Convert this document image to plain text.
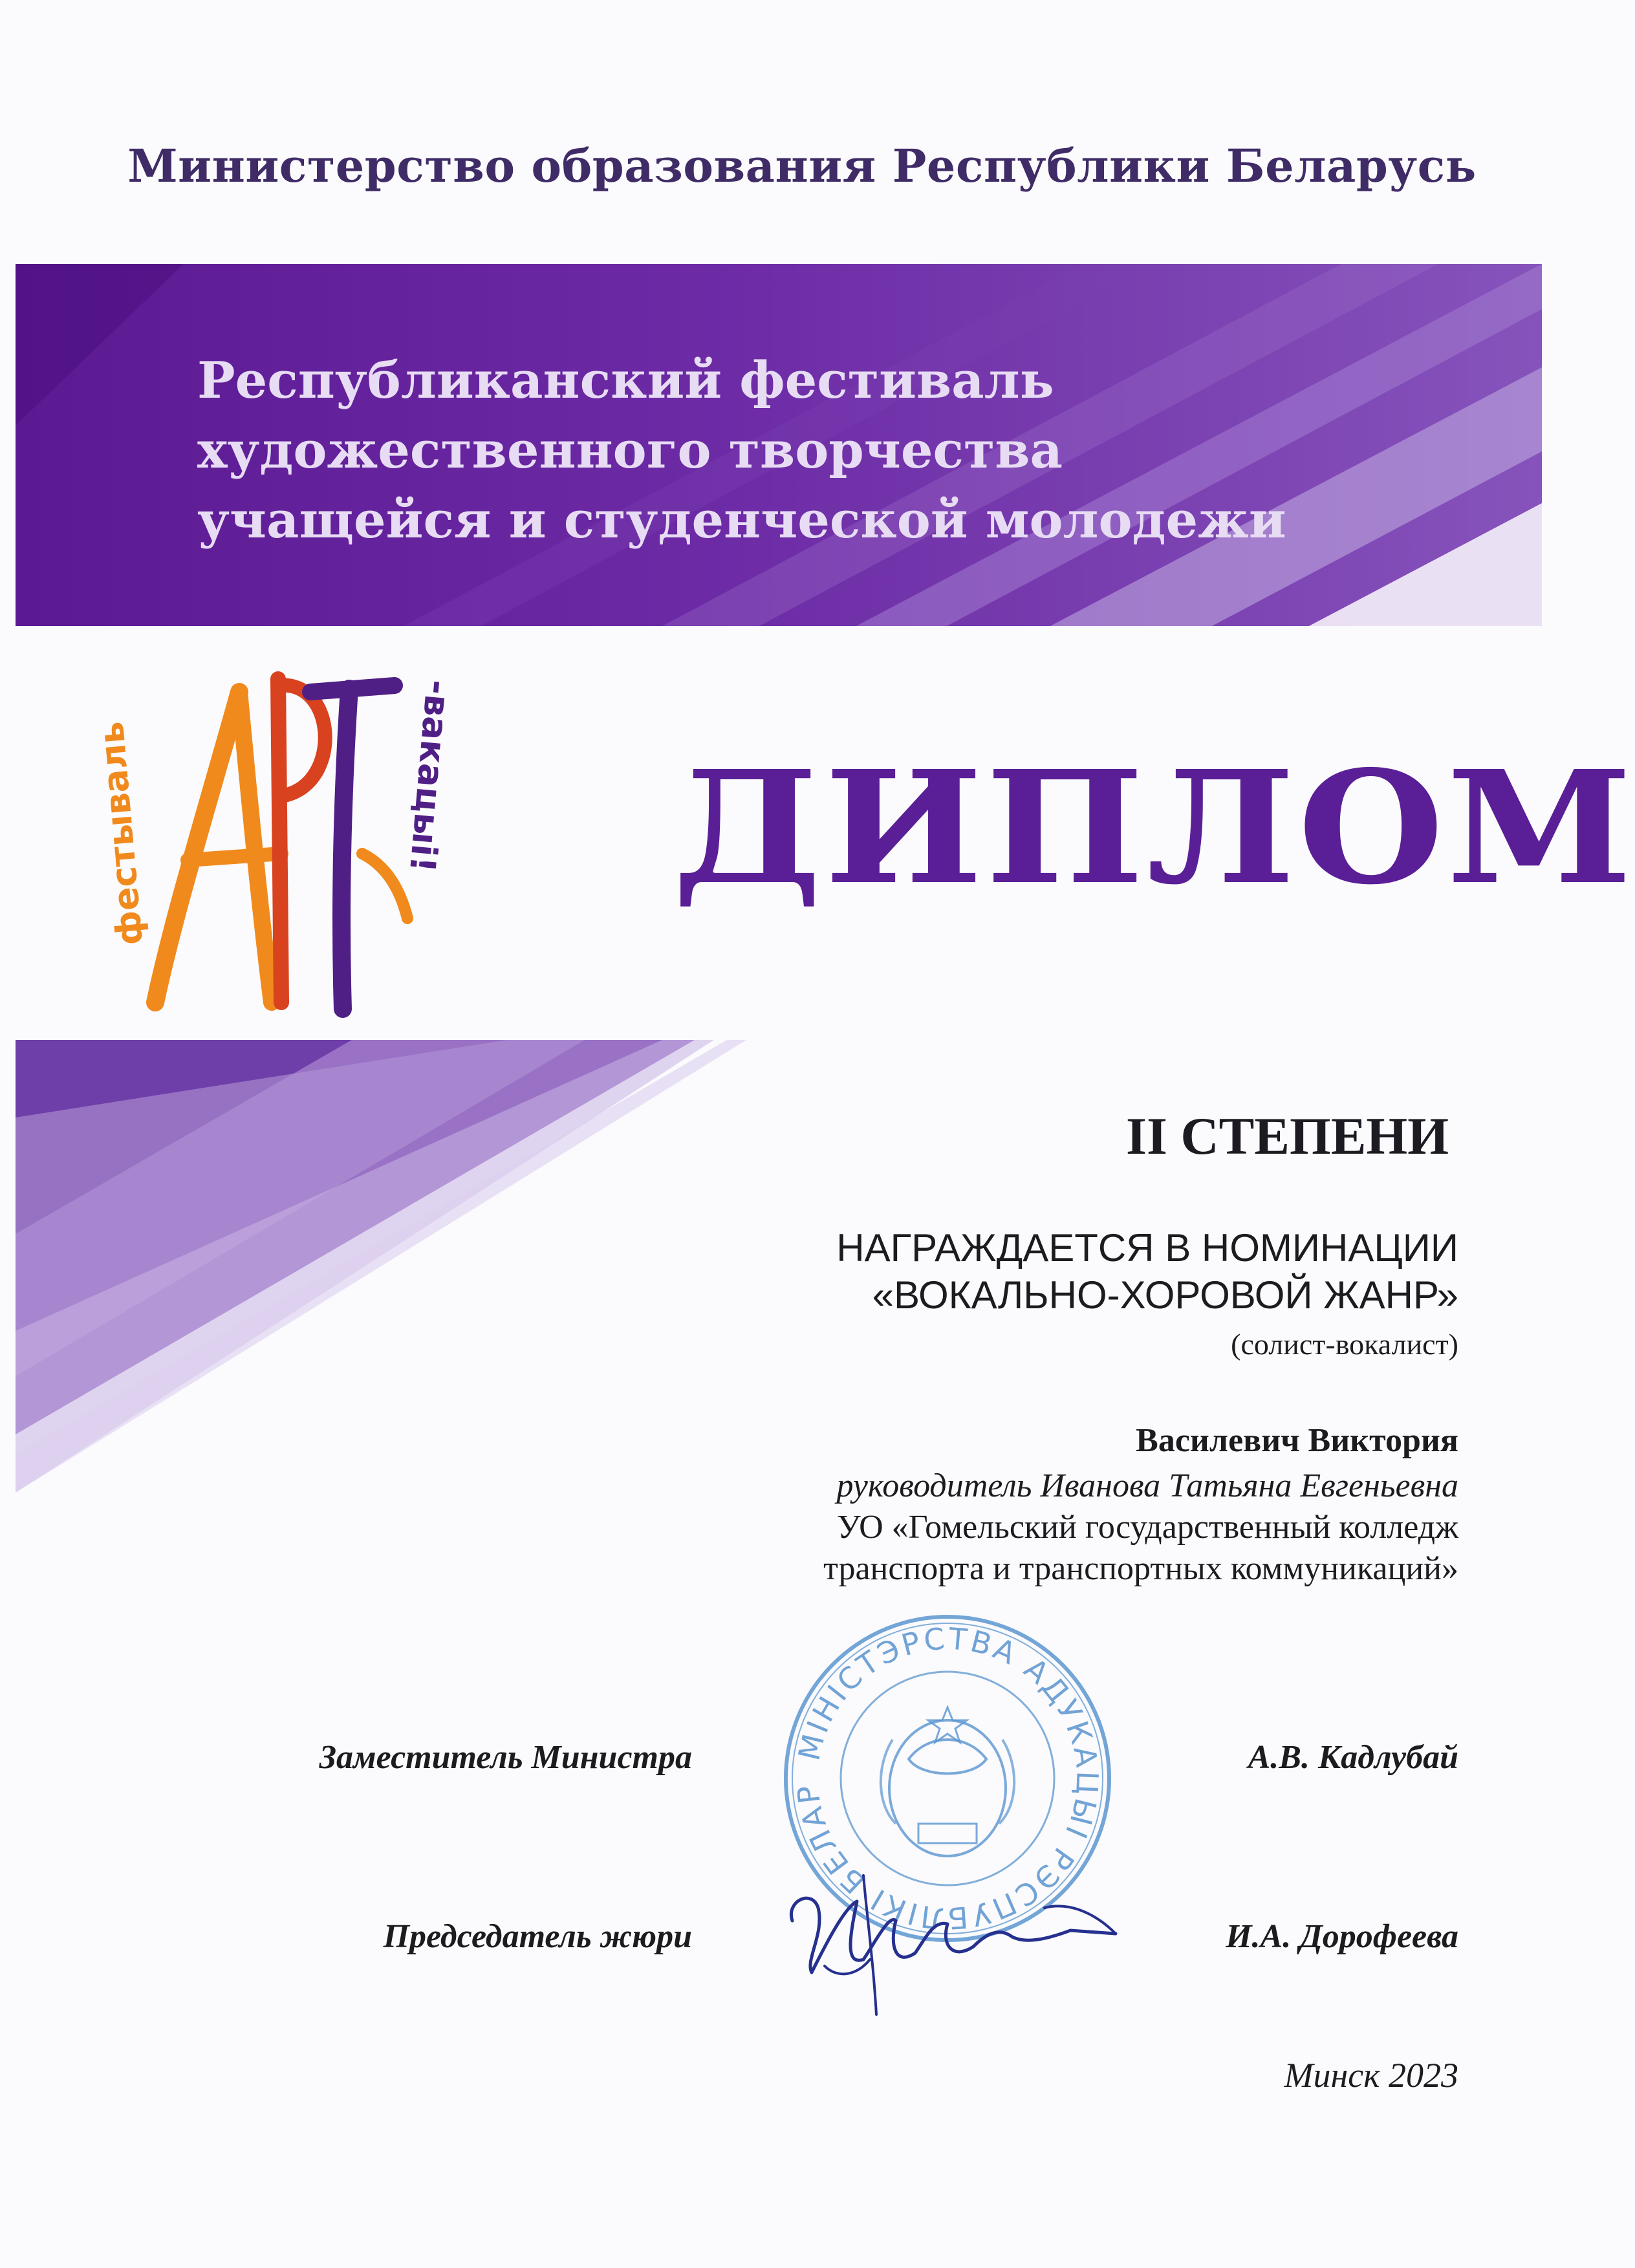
Министерство образования Республики Беларусь
Республиканский фестиваль
художественного творчества
учащейся и студенческой молодежи
фестываль	-вакацыі! ДИПЛОМ
II СТЕПЕНИ
НАГРАЖДАЕТСЯ В НОМИНАЦИИ
«ВОКАЛЬНО-ХОРОВОЙ ЖАНР»
(солист-вокалист)
Василевич Виктория
руководитель Иванова Татьяна Евгеньевна
УО «Гомельский государственный колледж
транспорта и транспортных коммуникаций»
МІНІСТЭРСТВА АДУКАЦЫІ РЭСПУБЛІКІ БЕЛАР
Заместитель Министра	А.В. Кадлубай
Председатель жюри	И.А. Дорофеева
Минск 2023
